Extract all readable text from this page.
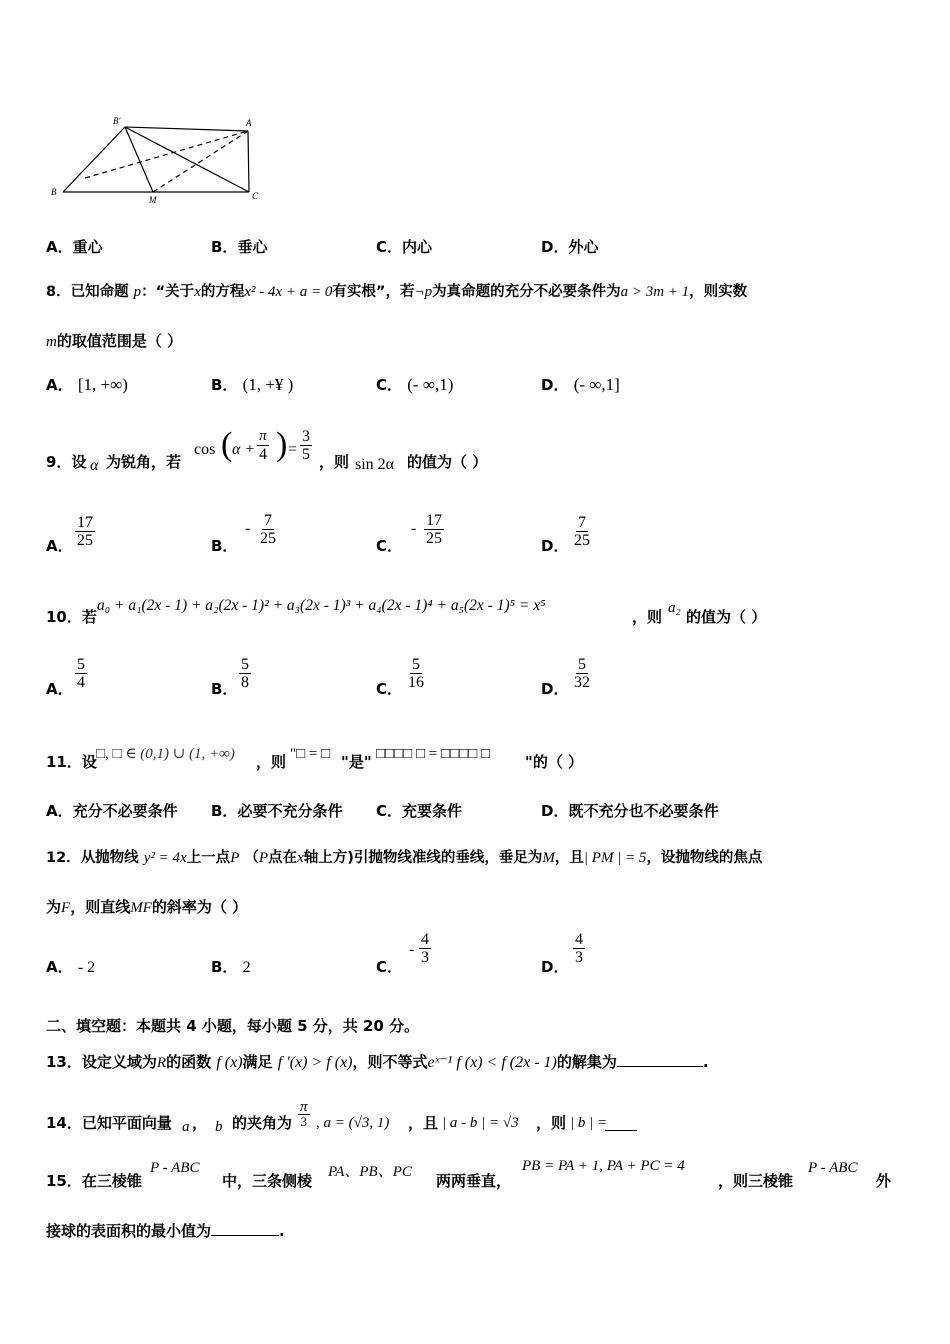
B'	A
B
M	C
A．重心	B．垂心	C．内心	D．外心
8．已知命题 p：“关于x的方程x² - 4x + a = 0有实根”，若¬p为真命题的充分不必要条件为a > 3m + 1，则实数
m的取值范围是（ ）
A． [1, +∞)	B． (1, +¥ )	C． (- ∞,1)	D． (- ∞,1]
9．设 α 为锐角，若
cos ( $\alpha + \frac{\pi}{4}$ ) = $\frac{3}{5}$ ，则 sin 2α 的值为（ ）
A． $\frac{17}{25}$	B．
- $\frac{7}{25}$	C．
- $\frac{17}{25}$	D． $\frac{7}{25}$
10．若
a₀ + a₁(2x - 1) + a₂(2x - 1)² + a₃(2x - 1)³ + a₄(2x - 1)⁴ + a₅(2x - 1)⁵ = x⁵
，则 a₂ 的值为（ ）
A． $\frac{5}{4}$	B． $\frac{5}{8}$	C． $\frac{5}{16}$	D． $\frac{5}{32}$
11．设 □, □ ∈ (0,1) ∪ (1, +∞) ，则 "□ = □ "是" □□□□ □ = □□□□ □ "的（ ）
A．充分不必要条件 B．必要不充分条件 C．充要条件	D．既不充分也不必要条件
12．从抛物线 y² = 4x上一点P （P点在x轴上方)引抛物线准线的垂线，垂足为M，且| PM | = 5，设抛物线的焦点
为F，则直线MF的斜率为（ ）
A． - 2	B． 2	C．
- $\frac{4}{3}$
D．
$\frac{4}{3}$
二、填空题：本题共 4 小题，每小题 5 分，共 20 分。
13．设定义域为R的函数 f (x)满足 f ′(x) > f (x)，则不等式eˣ⁻¹ f (x) < f (2x - 1)的解集为	.
14．已知平面向量 a ， b 的夹角为 $\frac{\pi}{3}$ , a = (√3, 1) ，且 | a - b | = √3 ，则 | b | =
15．在三棱锥
P - ABC
中，三条侧棱 PA、PB、PC 两两垂直，
PB = PA + 1, PA + PC = 4
，则三棱锥
P - ABC
外
接球的表面积的最小值为	.
